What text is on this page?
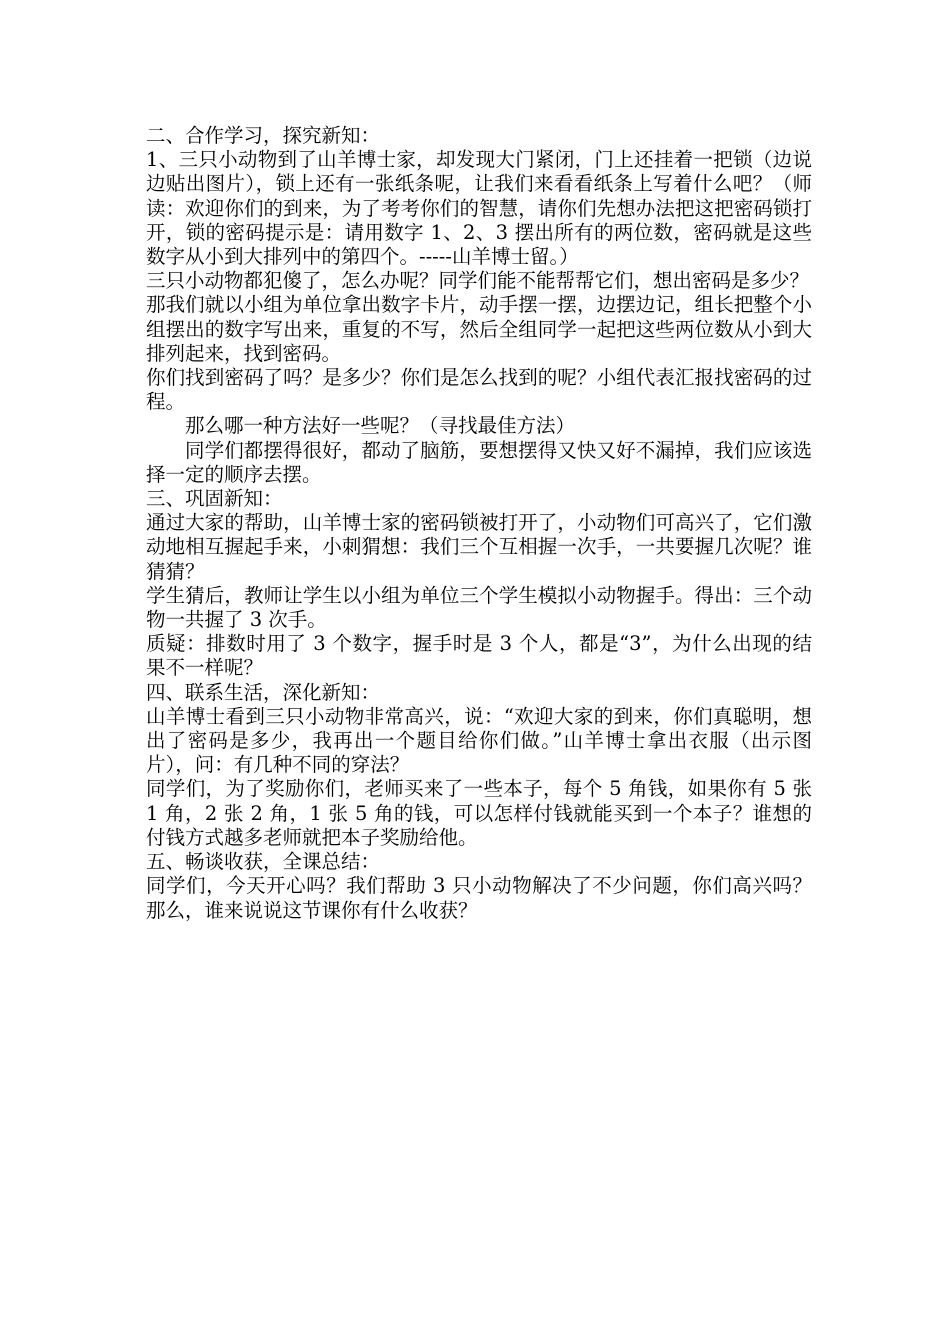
二、合作学习，探究新知：

1、三只小动物到了山羊博士家，却发现大门紧闭，门上还挂着一把锁（边说边贴出图片），锁上还有一张纸条呢，让我们来看看纸条上写着什么吧？（师读：欢迎你们的到来，为了考考你们的智慧，请你们先想办法把这把密码锁打开，锁的密码提示是：请用数字 1、2、3 摆出所有的两位数，密码就是这些数字从小到大排列中的第四个。-----山羊博士留。）

三只小动物都犯傻了，怎么办呢？同学们能不能帮帮它们，想出密码是多少？

那我们就以小组为单位拿出数字卡片，动手摆一摆，边摆边记，组长把整个小组摆出的数字写出来，重复的不写，然后全组同学一起把这些两位数从小到大排列起来，找到密码。

你们找到密码了吗？是多少？你们是怎么找到的呢？小组代表汇报找密码的过程。

那么哪一种方法好一些呢？（寻找最佳方法）

同学们都摆得很好，都动了脑筋，要想摆得又快又好不漏掉，我们应该选择一定的顺序去摆。

三、巩固新知：

通过大家的帮助，山羊博士家的密码锁被打开了，小动物们可高兴了，它们激动地相互握起手来，小刺猬想：我们三个互相握一次手，一共要握几次呢？谁猜猜？

学生猜后，教师让学生以小组为单位三个学生模拟小动物握手。得出：三个动物一共握了 3 次手。

质疑：排数时用了 3 个数字，握手时是 3 个人，都是“3”，为什么出现的结果不一样呢？

四、联系生活，深化新知：

山羊博士看到三只小动物非常高兴，说：“欢迎大家的到来，你们真聪明，想出了密码是多少，我再出一个题目给你们做。”山羊博士拿出衣服（出示图片），问：有几种不同的穿法？

同学们，为了奖励你们，老师买来了一些本子，每个 5 角钱，如果你有 5 张 1 角，2 张 2 角，1 张 5 角的钱，可以怎样付钱就能买到一个本子？谁想的付钱方式越多老师就把本子奖励给他。

五、畅谈收获，全课总结：

同学们，今天开心吗？我们帮助 3 只小动物解决了不少问题，你们高兴吗？那么，谁来说说这节课你有什么收获？
